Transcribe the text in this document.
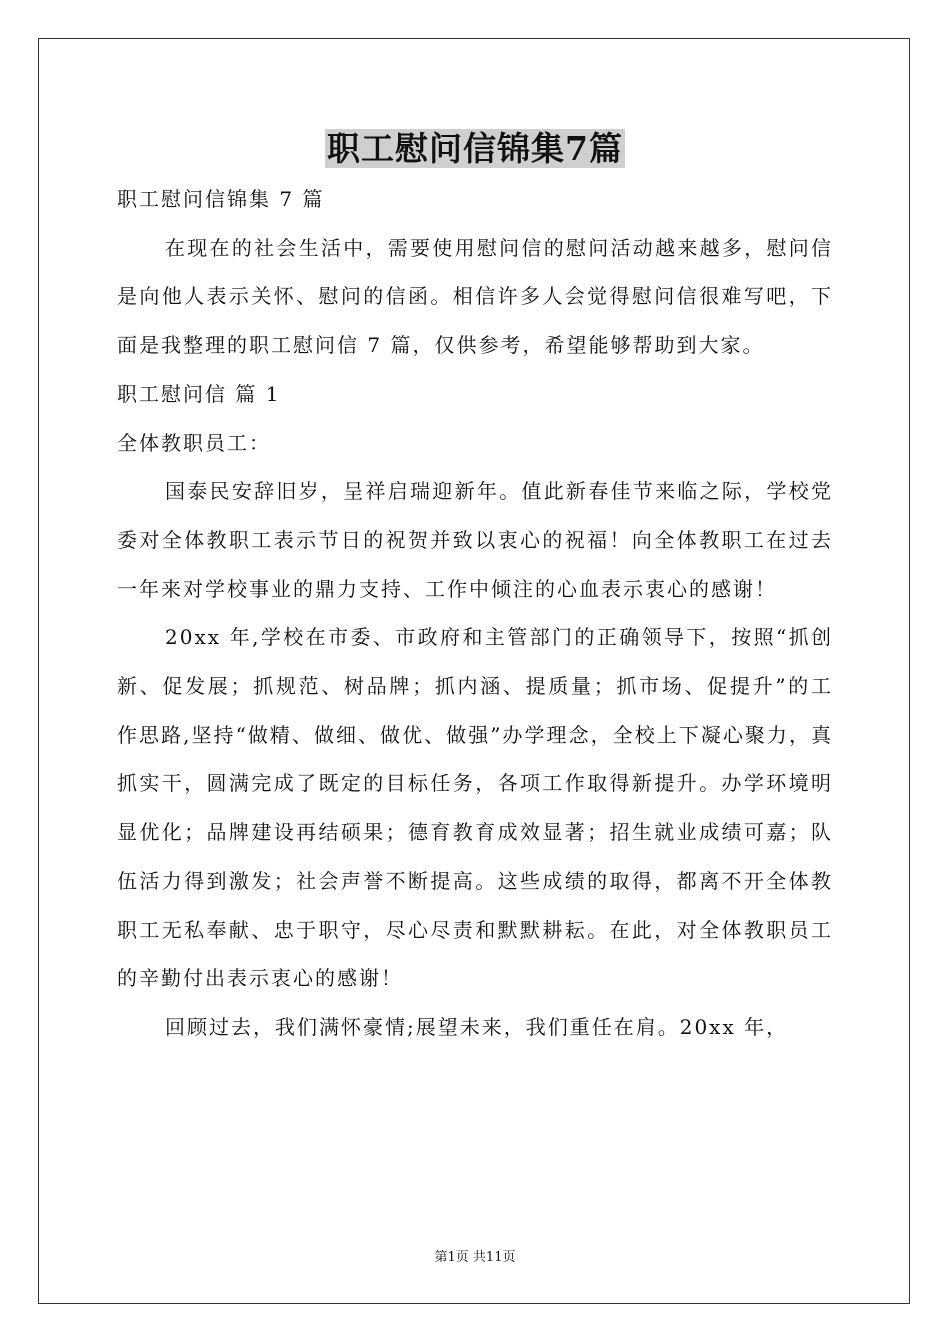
职工慰问信锦集7篇

职工慰问信锦集 7 篇

在现在的社会生活中，需要使用慰问信的慰问活动越来越多，慰问信是向他人表示关怀、慰问的信函。相信许多人会觉得慰问信很难写吧，下面是我整理的职工慰问信 7 篇，仅供参考，希望能够帮助到大家。

职工慰问信 篇 1

全体教职员工：

国泰民安辞旧岁，呈祥启瑞迎新年。值此新春佳节来临之际，学校党委对全体教职工表示节日的祝贺并致以衷心的祝福！向全体教职工在过去一年来对学校事业的鼎力支持、工作中倾注的心血表示衷心的感谢！

20xx 年,学校在市委、市政府和主管部门的正确领导下，按照“抓创新、促发展；抓规范、树品牌；抓内涵、提质量；抓市场、促提升”的工作思路,坚持“做精、做细、做优、做强”办学理念，全校上下凝心聚力，真抓实干，圆满完成了既定的目标任务，各项工作取得新提升。办学环境明显优化；品牌建设再结硕果；德育教育成效显著；招生就业成绩可嘉；队伍活力得到激发；社会声誉不断提高。这些成绩的取得，都离不开全体教职工无私奉献、忠于职守，尽心尽责和默默耕耘。在此，对全体教职员工的辛勤付出表示衷心的感谢！

回顾过去，我们满怀豪情;展望未来，我们重任在肩。20xx 年，

第1页 共11页
